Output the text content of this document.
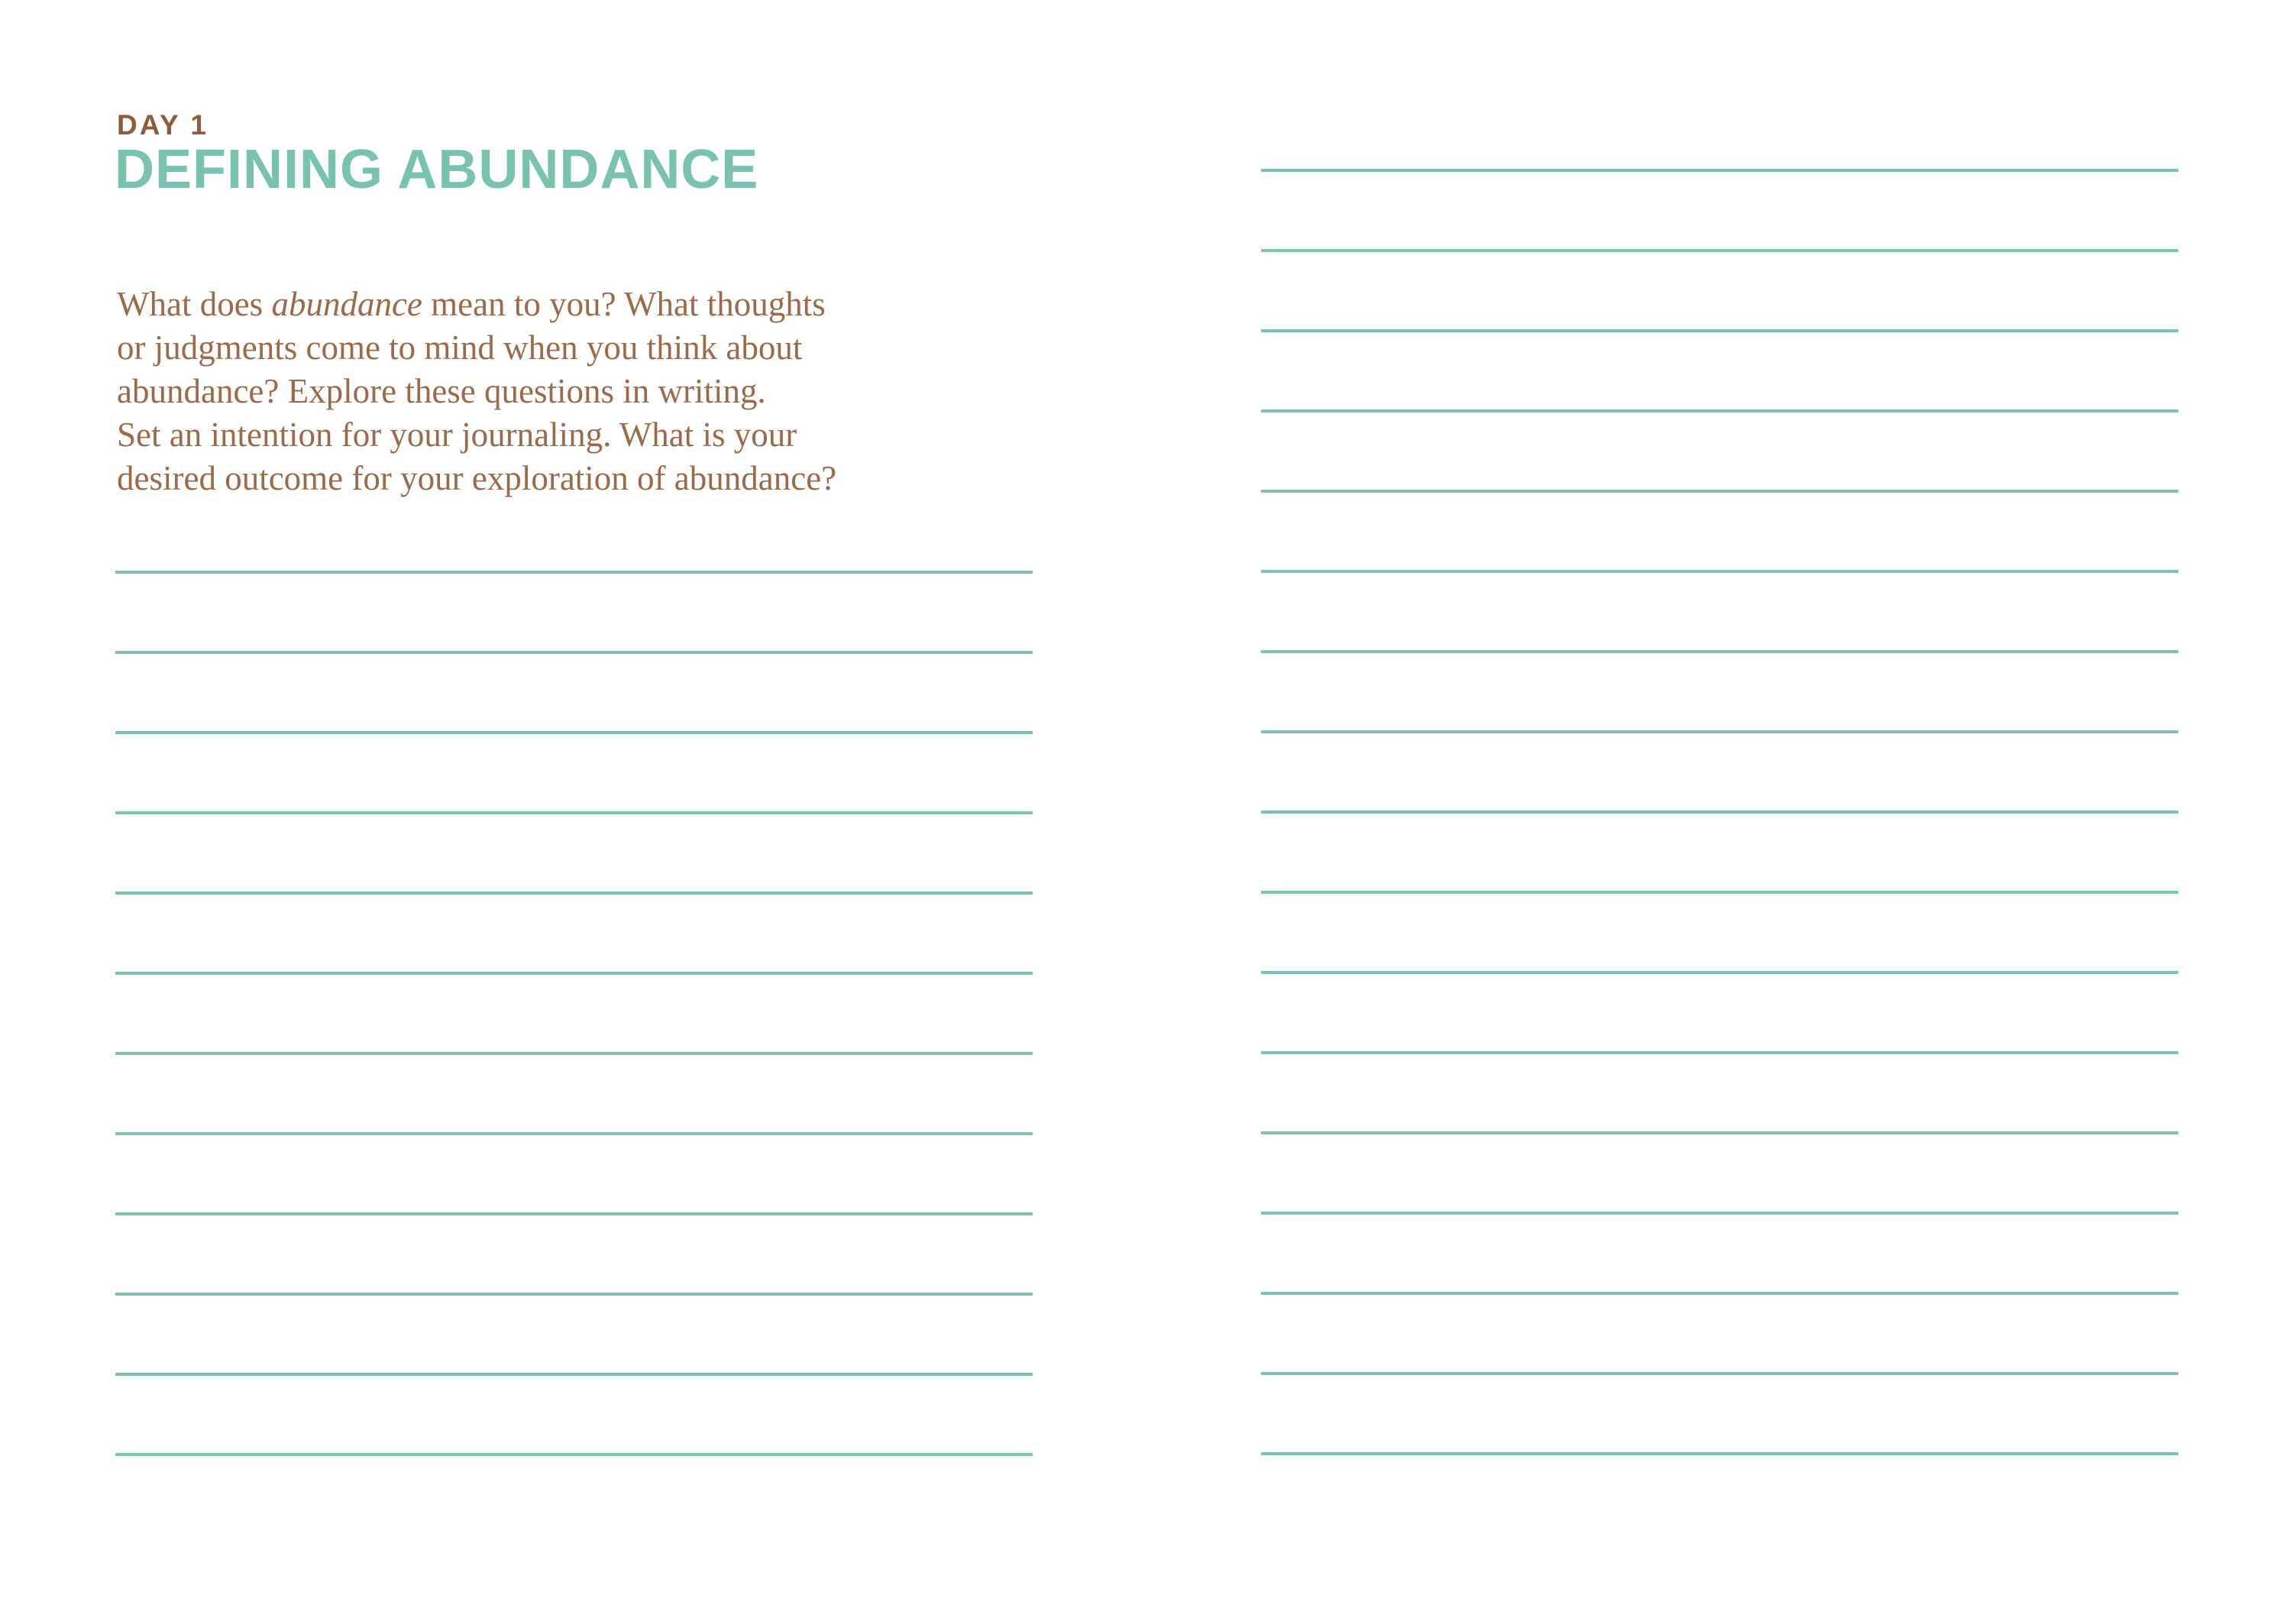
DAY 1
DEFINING ABUNDANCE

What does abundance mean to you? What thoughts

or judgments come to mind when you think about

abundance? Explore these questions in writing.

Set an intention for your journaling. What is your

desired outcome for your exploration of abundance?
